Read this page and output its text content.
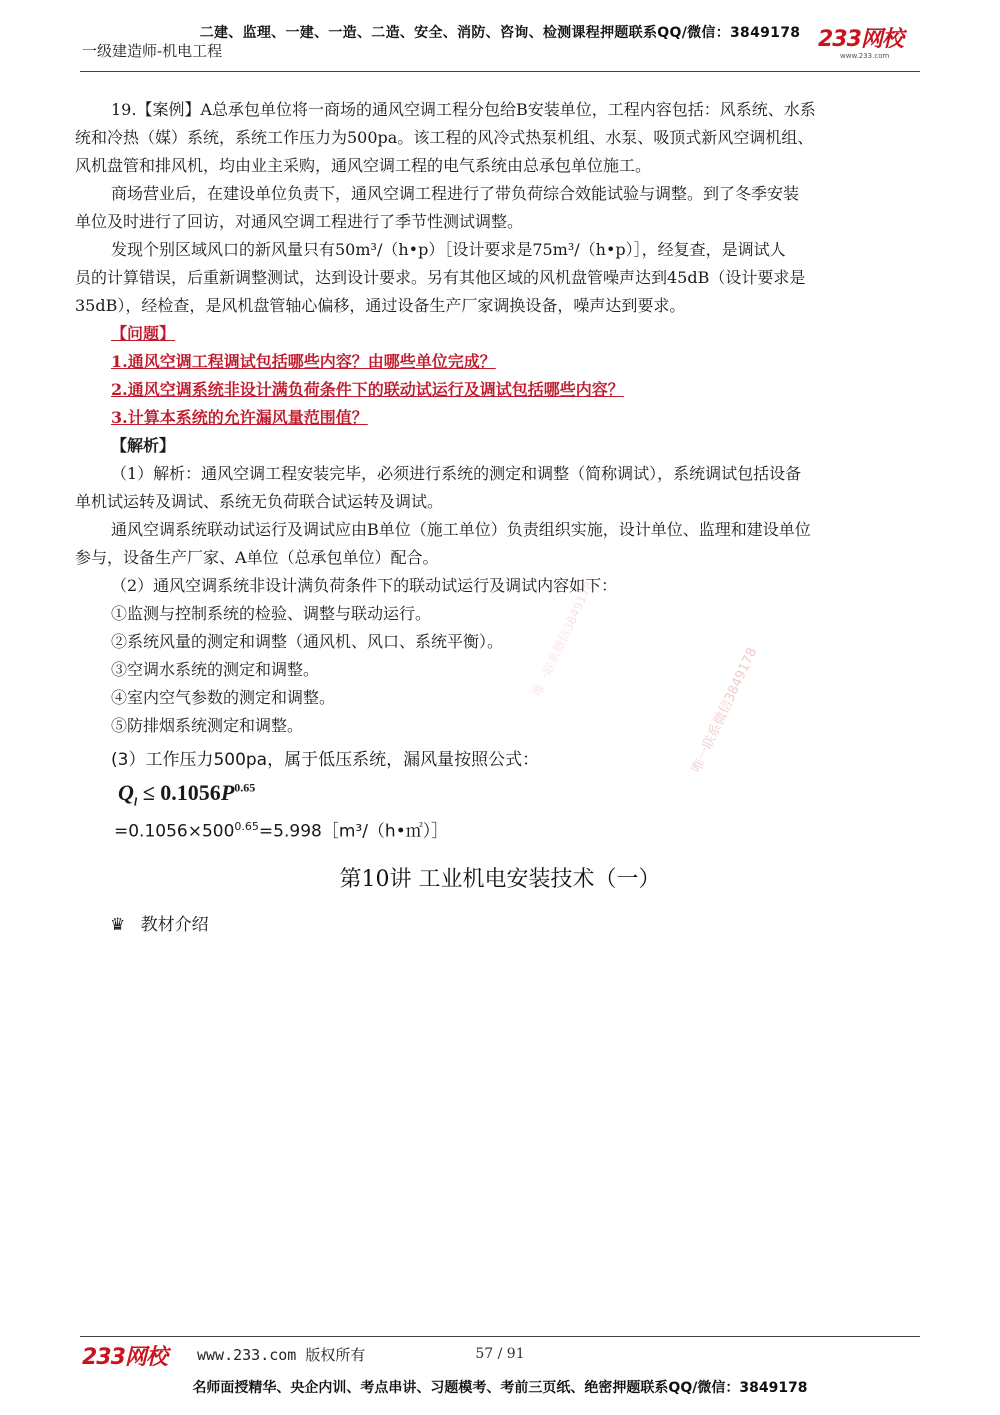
二建、监理、一建、一造、二造、安全、消防、咨询、检测课程押题联系QQ/微信：3849178
一级建造师-机电工程	233网校
www.233.com
19.【案例】A总承包单位将一商场的通风空调工程分包给B安装单位，工程内容包括：风系统、水系
统和冷热（媒）系统，系统工作压力为500pa。该工程的风冷式热泵机组、水泵、吸顶式新风空调机组、
风机盘管和排风机，均由业主采购，通风空调工程的电气系统由总承包单位施工。
商场营业后，在建设单位负责下，通风空调工程进行了带负荷综合效能试验与调整。到了冬季安装
单位及时进行了回访，对通风空调工程进行了季节性测试调整。
发现个别区域风口的新风量只有50m³/（h•p）［设计要求是75m³/（h•p）］，经复查，是调试人
员的计算错误，后重新调整测试，达到设计要求。另有其他区域的风机盘管噪声达到45dB（设计要求是
35dB），经检查，是风机盘管轴心偏移，通过设备生产厂家调换设备，噪声达到要求。
【问题】
1.通风空调工程调试包括哪些内容？由哪些单位完成？
2.通风空调系统非设计满负荷条件下的联动试运行及调试包括哪些内容？
3.计算本系统的允许漏风量范围值？
【解析】
（1）解析：通风空调工程安装完毕，必须进行系统的测定和调整（简称调试），系统调试包括设备
单机试运转及调试、系统无负荷联合试运转及调试。
通风空调系统联动试运行及调试应由B单位（施工单位）负责组织实施，设计单位、监理和建设单位
参与，设备生产厂家、A单位（总承包单位）配合。
（2）通风空调系统非设计满负荷条件下的联动试运行及调试内容如下：
①监测与控制系统的检验、调整与联动运行。
②系统风量的测定和调整（通风机、风口、系统平衡）。
③空调水系统的测定和调整。
④室内空气参数的测定和调整。
⑤防排烟系统测定和调整。
(3）工作压力500pa，属于低压系统，漏风量按照公式：
$Q_l \le 0.1056P^{0.65}$
$=0.1056\times 500^{0.65}=5.998[m^3/(h•㎡)]$
第10讲 工业机电安装技术（一）
♛ 教材介绍
唯一联系微信3849178
唯一联系微信3849178
233网校 www.233.com 版权所有	57 / 91
名师面授精华、央企内训、考点串讲、习题模考、考前三页纸、绝密押题联系QQ/微信：3849178
